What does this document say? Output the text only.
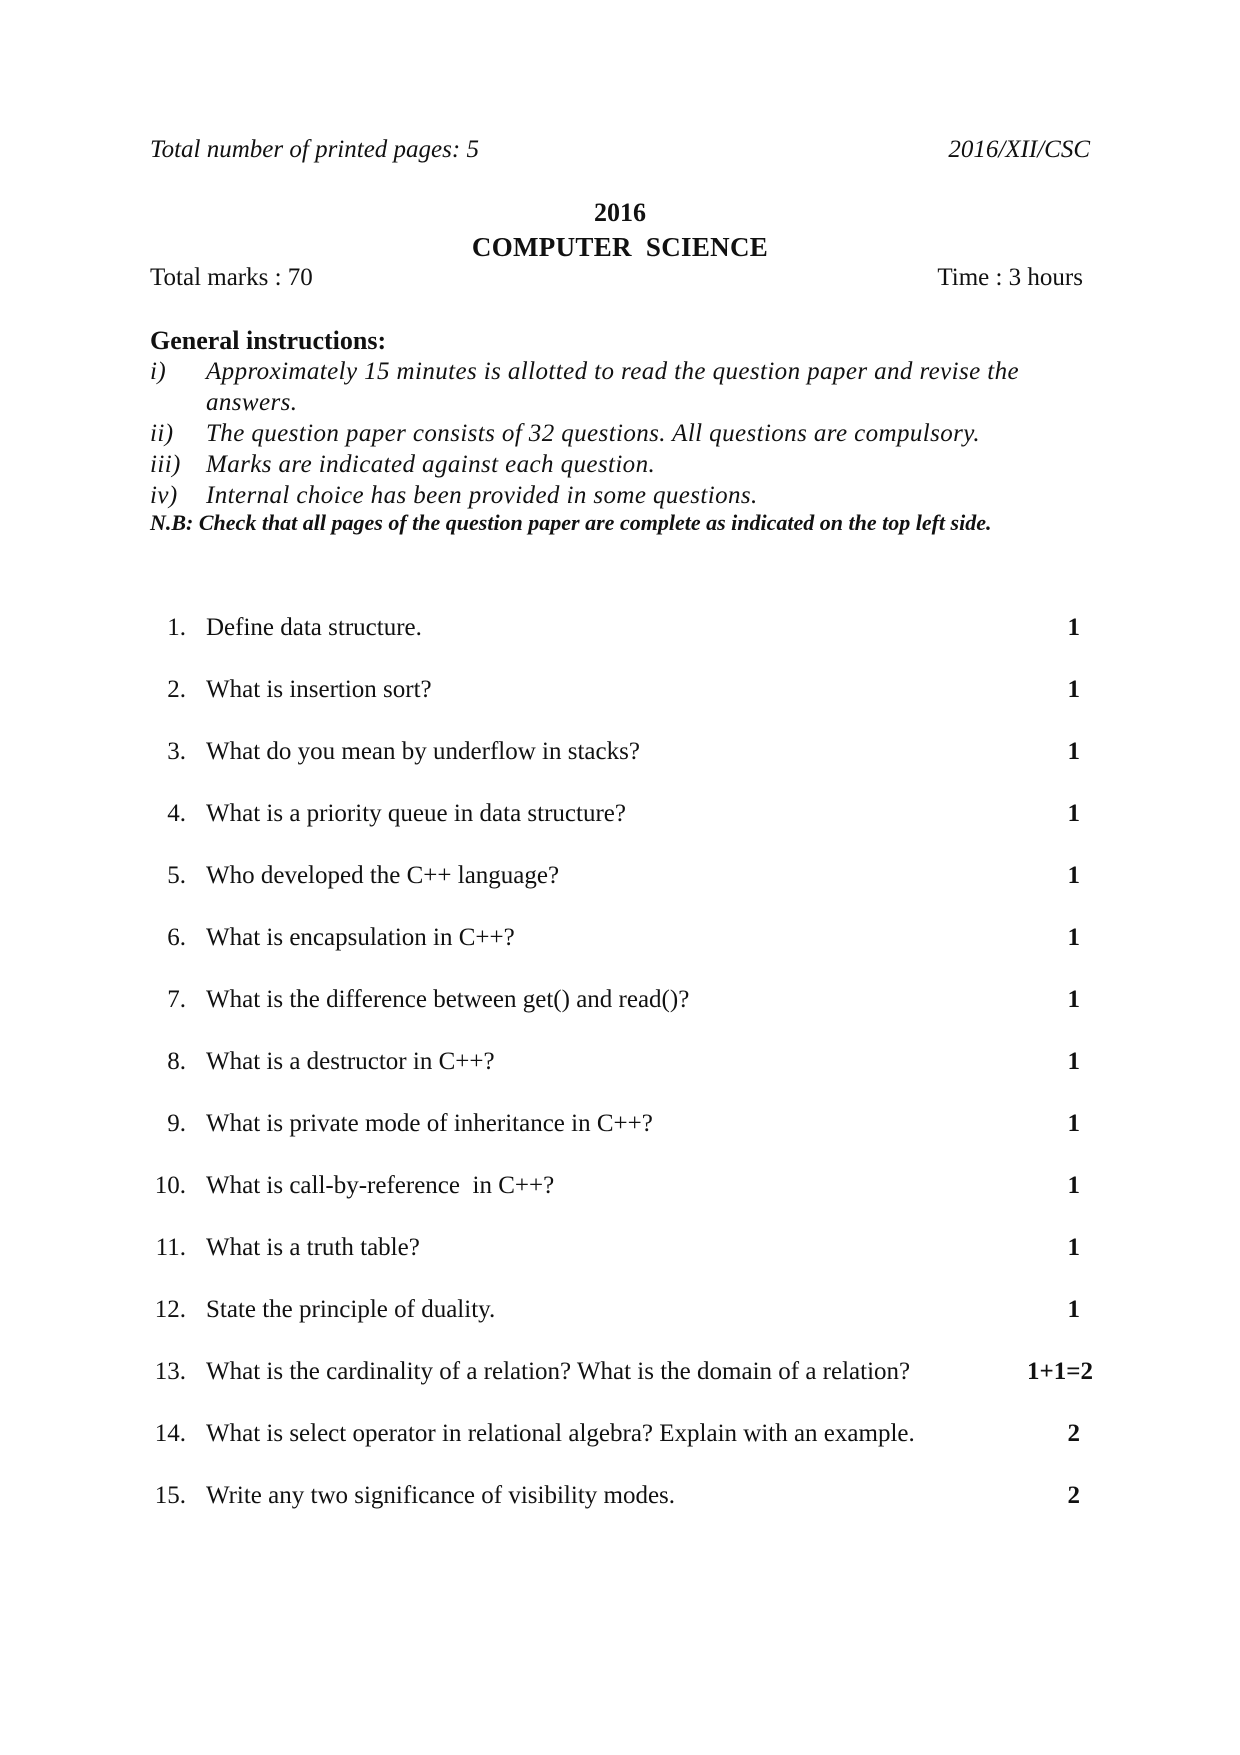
Total number of printed pages: 5	2016/XII/CSC
2016
COMPUTER  SCIENCE
Total marks : 70	Time : 3 hours
General instructions:
i)	Approximately 15 minutes is allotted to read the question paper and revise the answers.
ii)	The question paper consists of 32 questions. All questions are compulsory.
iii)	Marks are indicated against each question.
iv)	Internal choice has been provided in some questions.
N.B: Check that all pages of the question paper are complete as indicated on the top left side.
1. Define data structure.	1
2. What is insertion sort?	1
3. What do you mean by underflow in stacks?	1
4. What is a priority queue in data structure?	1
5. Who developed the C++ language?	1
6. What is encapsulation in C++?	1
7. What is the difference between get() and read()?	1
8. What is a destructor in C++?	1
9. What is private mode of inheritance in C++?	1
10. What is call-by-reference  in C++?	1
11. What is a truth table?	1
12. State the principle of duality.	1
13. What is the cardinality of a relation? What is the domain of a relation?	1+1=2
14. What is select operator in relational algebra? Explain with an example.	2
15. Write any two significance of visibility modes.	2
